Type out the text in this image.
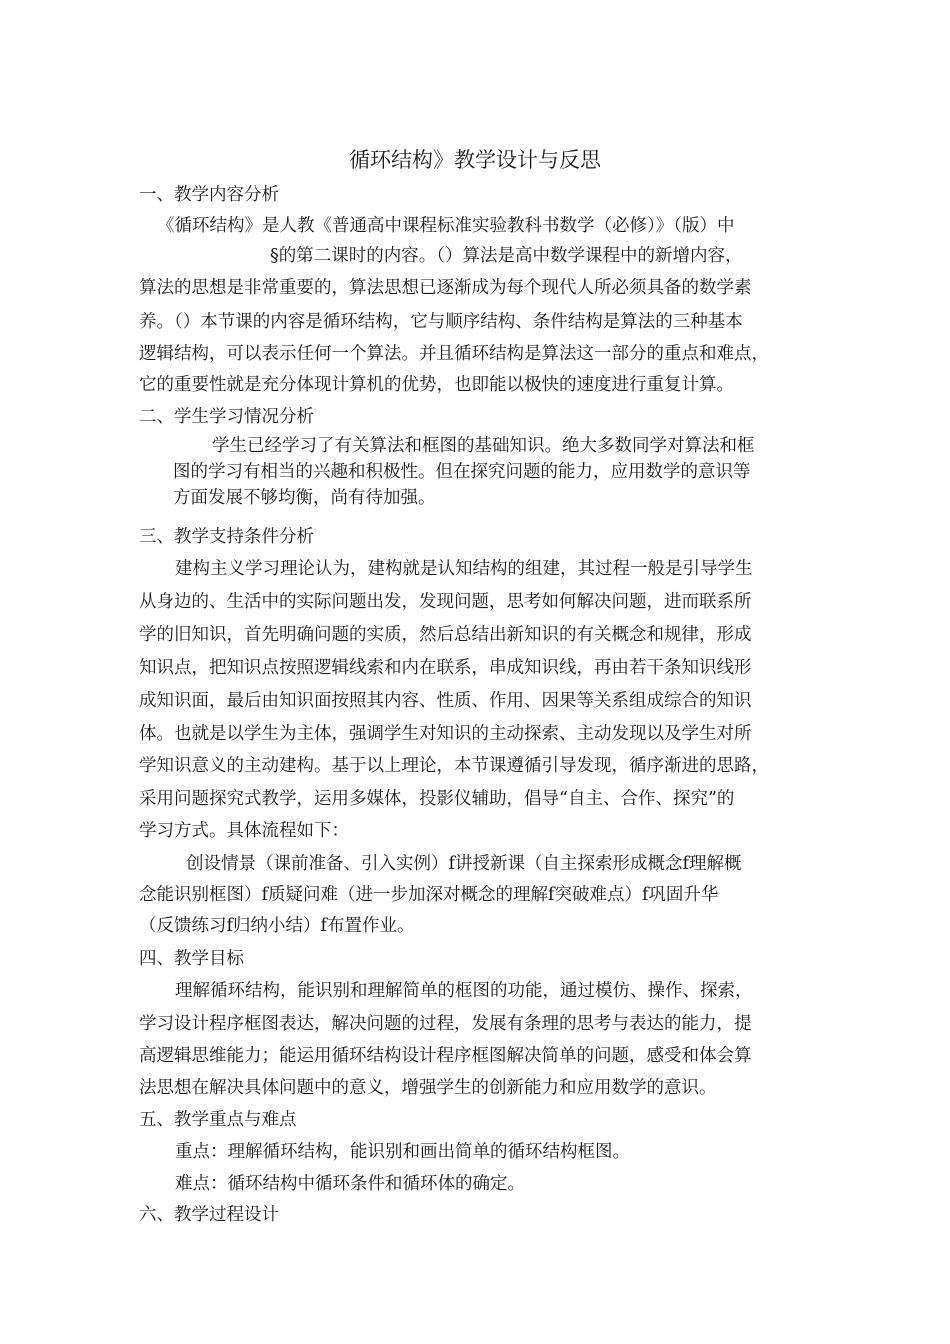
循环结构》教学设计与反思
一、教学内容分析
《循环结构》是人教《普通高中课程标准实验教科书数学（必修）》（版）中
§的第二课时的内容。（）算法是高中数学课程中的新增内容，
算法的思想是非常重要的，算法思想已逐渐成为每个现代人所必须具备的数学素
养。（）本节课的内容是循环结构，它与顺序结构、条件结构是算法的三种基本
逻辑结构，可以表示任何一个算法。并且循环结构是算法这一部分的重点和难点，
它的重要性就是充分体现计算机的优势，也即能以极快的速度进行重复计算。
二、学生学习情况分析
学生已经学习了有关算法和框图的基础知识。绝大多数同学对算法和框
图的学习有相当的兴趣和积极性。但在探究问题的能力，应用数学的意识等
方面发展不够均衡，尚有待加强。
三、教学支持条件分析
建构主义学习理论认为，建构就是认知结构的组建，其过程一般是引导学生
从身边的、生活中的实际问题出发，发现问题，思考如何解决问题，进而联系所
学的旧知识，首先明确问题的实质，然后总结出新知识的有关概念和规律，形成
知识点，把知识点按照逻辑线索和内在联系，串成知识线，再由若干条知识线形
成知识面，最后由知识面按照其内容、性质、作用、因果等关系组成综合的知识
体。也就是以学生为主体，强调学生对知识的主动探索、主动发现以及学生对所
学知识意义的主动建构。基于以上理论，本节课遵循引导发现，循序渐进的思路，
采用问题探究式教学，运用多媒体，投影仪辅助，倡导“自主、合作、探究”的
学习方式。具体流程如下：
创设情景（课前准备、引入实例）f讲授新课（自主探索形成概念f理解概
念能识别框图）f质疑问难（进一步加深对概念的理解f突破难点）f巩固升华
（反馈练习f归纳小结）f布置作业。
四、教学目标
理解循环结构，能识别和理解简单的框图的功能，通过模仿、操作、探索，
学习设计程序框图表达，解决问题的过程，发展有条理的思考与表达的能力，提
高逻辑思维能力；能运用循环结构设计程序框图解决简单的问题，感受和体会算
法思想在解决具体问题中的意义，增强学生的创新能力和应用数学的意识。
五、教学重点与难点
重点：理解循环结构，能识别和画出简单的循环结构框图。
难点：循环结构中循环条件和循环体的确定。
六、教学过程设计
